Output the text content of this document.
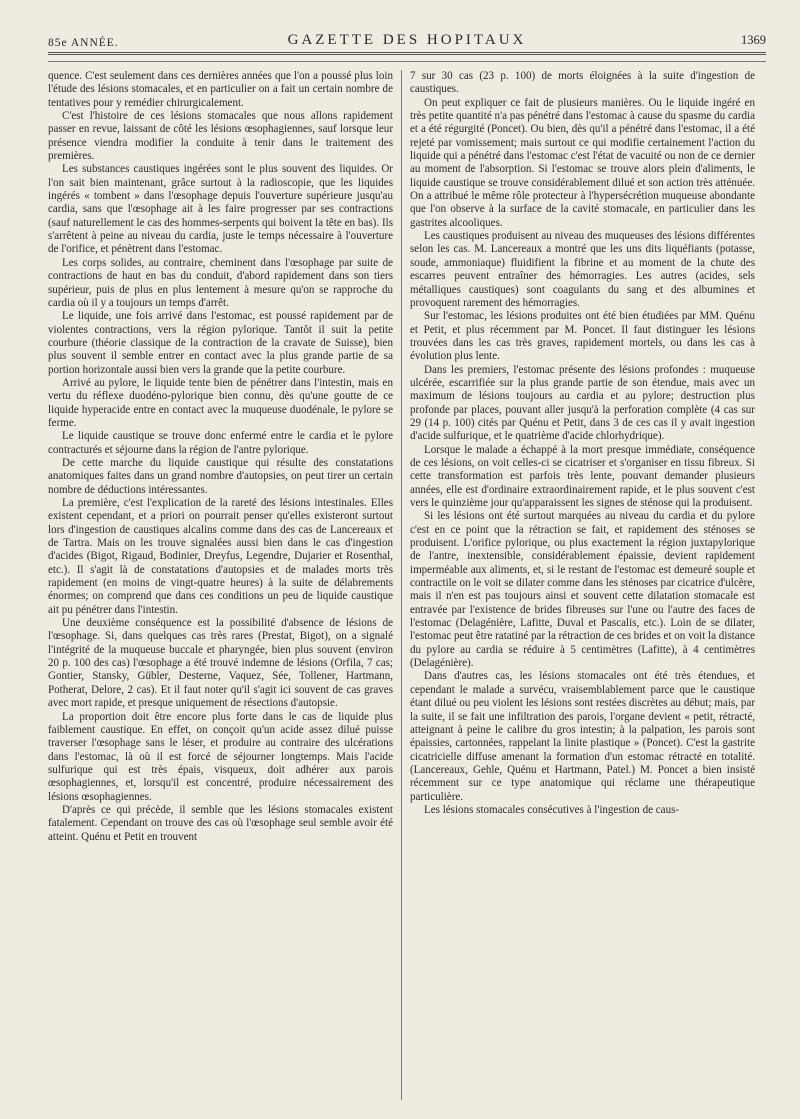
85e ANNÉE.	GAZETTE DES HOPITAUX	1369

quence. C'est seulement dans ces dernières années que l'on a poussé plus loin l'étude des lésions stomacales, et en particulier on a fait un certain nombre de tentatives pour y remédier chirurgicalement.

C'est l'histoire de ces lésions stomacales que nous allons rapidement passer en revue, laissant de côté les lésions œsophagiennes, sauf lorsque leur présence viendra modifier la conduite à tenir dans le traitement des premières.

Les substances caustiques ingérées sont le plus souvent des liquides. Or l'on sait bien maintenant, grâce surtout à la radioscopie, que les liquides ingérés « tombent » dans l'œsophage depuis l'ouverture supérieure jusqu'au cardia, sans que l'œsophage ait à les faire progresser par ses contractions (sauf naturellement le cas des hommes-serpents qui boivent la tête en bas). Ils s'arrêtent à peine au niveau du cardia, juste le temps nécessaire à l'ouverture de l'orifice, et pénètrent dans l'estomac.

Les corps solides, au contraire, cheminent dans l'œsophage par suite de contractions de haut en bas du conduit, d'abord rapidement dans son tiers supérieur, puis de plus en plus lentement à mesure qu'on se rapproche du cardia où il y a toujours un temps d'arrêt.

Le liquide, une fois arrivé dans l'estomac, est poussé rapidement par de violentes contractions, vers la région pylorique. Tantôt il suit la petite courbure (théorie classique de la contraction de la cravate de Suisse), bien plus souvent il semble entrer en contact avec la plus grande partie de sa portion horizontale aussi bien vers la grande que la petite courbure.

Arrivé au pylore, le liquide tente bien de pénétrer dans l'intestin, mais en vertu du réflexe duodéno-pylorique bien connu, dès qu'une goutte de ce liquide hyperacide entre en contact avec la muqueuse duodénale, le pylore se ferme.

Le liquide caustique se trouve donc enfermé entre le cardia et le pylore contracturés et séjourne dans la région de l'antre pylorique.

De cette marche du liquide caustique qui résulte des constatations anatomiques faites dans un grand nombre d'autopsies, on peut tirer un certain nombre de déductions intéressantes.

La première, c'est l'explication de la rareté des lésions intestinales. Elles existent cependant, et a priori on pourrait penser qu'elles existeront surtout lors d'ingestion de caustiques alcalins comme dans des cas de Lancereaux et de Tartra. Mais on les trouve signalées aussi bien dans le cas d'ingestion d'acides (Bigot, Rigaud, Bodinier, Dreyfus, Legendre, Dujarier et Rosenthal, etc.). Il s'agit là de constatations d'autopsies et de malades morts très rapidement (en moins de vingt-quatre heures) à la suite de délabrements énormes; on comprend que dans ces conditions un peu de liquide caustique ait pu pénétrer dans l'intestin.

Une deuxième conséquence est la possibilité d'absence de lésions de l'œsophage. Si, dans quelques cas très rares (Prestat, Bigot), on a signalé l'intégrité de la muqueuse buccale et pharyngée, bien plus souvent (environ 20 p. 100 des cas) l'œsophage a été trouvé indemne de lésions (Orfila, 7 cas; Gontier, Stansky, Gübler, Desterne, Vaquez, Sée, Tollener, Hartmann, Potherat, Delore, 2 cas). Et il faut noter qu'il s'agit ici souvent de cas graves avec mort rapide, et presque uniquement de résections d'autopsie.

La proportion doit être encore plus forte dans le cas de liquide plus faiblement caustique. En effet, on conçoit qu'un acide assez dilué puisse traverser l'œsophage sans le léser, et produire au contraire des ulcérations dans l'estomac, là où il est forcé de séjourner longtemps. Mais l'acide sulfurique qui est très épais, visqueux, doit adhérer aux parois œsophagiennes, et, lorsqu'il est concentré, produire nécessairement des lésions œsophagiennes.

D'après ce qui précède, il semble que les lésions stomacales existent fatalement. Cependant on trouve des cas où l'œsophage seul semble avoir été atteint. Quénu et Petit en trouvent

7 sur 30 cas (23 p. 100) de morts éloignées à la suite d'ingestion de caustiques.

On peut expliquer ce fait de plusieurs manières. Ou le liquide ingéré en très petite quantité n'a pas pénétré dans l'estomac à cause du spasme du cardia et a été régurgité (Poncet). Ou bien, dès qu'il a pénétré dans l'estomac, il a été rejeté par vomissement; mais surtout ce qui modifie certainement l'action du liquide qui a pénétré dans l'estomac c'est l'état de vacuité ou non de ce dernier au moment de l'absorption. Si l'estomac se trouve alors plein d'aliments, le liquide caustique se trouve considérablement dilué et son action très atténuée. On a attribué le même rôle protecteur à l'hypersécrétion muqueuse abondante que l'on observe à la surface de la cavité stomacale, en particulier dans les gastrites alcooliques.

Les caustiques produisent au niveau des muqueuses des lésions différentes selon les cas. M. Lancereaux a montré que les uns dits liquéfiants (potasse, soude, ammoniaque) fluidifient la fibrine et au moment de la chute des escarres peuvent entraîner des hémorragies. Les autres (acides, sels métalliques caustiques) sont coagulants du sang et des albumines et provoquent rarement des hémorragies.

Sur l'estomac, les lésions produites ont été bien étudiées par MM. Quénu et Petit, et plus récemment par M. Poncet. Il faut distinguer les lésions trouvées dans les cas très graves, rapidement mortels, ou dans les cas à évolution plus lente.

Dans les premiers, l'estomac présente des lésions profondes : muqueuse ulcérée, escarrifiée sur la plus grande partie de son étendue, mais avec un maximum de lésions toujours au cardia et au pylore; destruction plus profonde par places, pouvant aller jusqu'à la perforation complète (4 cas sur 29 (14 p. 100) cités par Quénu et Petit, dans 3 de ces cas il y avait ingestion d'acide sulfurique, et le quatrième d'acide chlorhydrique).

Lorsque le malade a échappé à la mort presque immédiate, conséquence de ces lésions, on voit celles-ci se cicatriser et s'organiser en tissu fibreux. Si cette transformation est parfois très lente, pouvant demander plusieurs années, elle est d'ordinaire extraordinairement rapide, et le plus souvent c'est vers le quinzième jour qu'apparaissent les signes de sténose qui la produisent.

Si les lésions ont été surtout marquées au niveau du cardia et du pylore c'est en ce point que la rétraction se fait, et rapidement des sténoses se produisent. L'orifice pylorique, ou plus exactement la région juxtapylorique de l'antre, inextensible, considérablement épaissie, devient rapidement imperméable aux aliments, et, si le restant de l'estomac est demeuré souple et contractile on le voit se dilater comme dans les sténoses par cicatrice d'ulcère, mais il n'en est pas toujours ainsi et souvent cette dilatation stomacale est entravée par l'existence de brides fibreuses sur l'une ou l'autre des faces de l'estomac (Delagénière, Lafitte, Duval et Pascalis, etc.). Loin de se dilater, l'estomac peut être ratatiné par la rétraction de ces brides et on voit la distance du pylore au cardia se réduire à 5 centimètres (Lafitte), à 4 centimètres (Delagénière).

Dans d'autres cas, les lésions stomacales ont été très étendues, et cependant le malade a survécu, vraisemblablement parce que le caustique étant dilué ou peu violent les lésions sont restées discrètes au début; mais, par la suite, il se fait une infiltration des parois, l'organe devient « petit, rétracté, atteignant à peine le calibre du gros intestin; à la palpation, les parois sont épaissies, cartonnées, rappelant la linite plastique » (Poncet). C'est la gastrite cicatricielle diffuse amenant la formation d'un estomac rétracté en totalité. (Lancereaux, Gehle, Quénu et Hartmann, Patel.) M. Poncet a bien insisté récemment sur ce type anatomique qui réclame une thérapeutique particulière.

Les lésions stomacales consécutives à l'ingestion de caus-
